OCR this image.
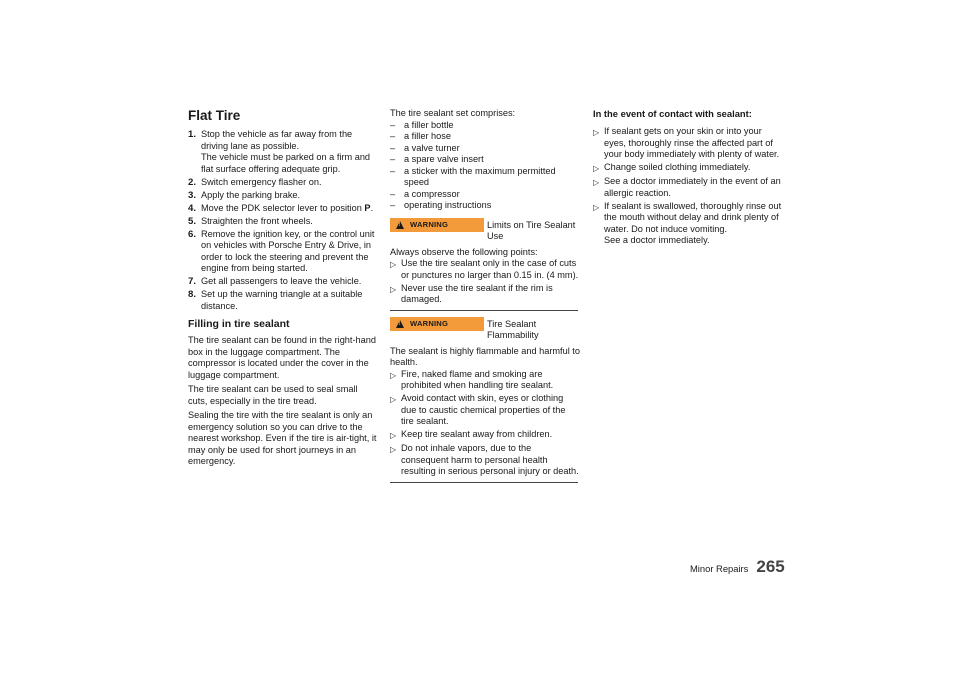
Flat Tire
1. Stop the vehicle as far away from the driving lane as possible.
The vehicle must be parked on a firm and flat surface offering adequate grip.
2. Switch emergency flasher on.
3. Apply the parking brake.
4. Move the PDK selector lever to position P.
5. Straighten the front wheels.
6. Remove the ignition key, or the control unit on vehicles with Porsche Entry & Drive, in order to lock the steering and prevent the engine from being started.
7. Get all passengers to leave the vehicle.
8. Set up the warning triangle at a suitable distance.
Filling in tire sealant

The tire sealant can be found in the right-hand box in the luggage compartment. The compressor is located under the cover in the luggage compartment.

The tire sealant can be used to seal small cuts, especially in the tire tread.

Sealing the tire with the tire sealant is only an emergency solution so you can drive to the nearest workshop. Even if the tire is air-tight, it may only be used for short journeys in an emergency.

The tire sealant set comprises:
– a filler bottle
– a filler hose
– a valve turner
– a spare valve insert
– a sticker with the maximum permitted speed
– a compressor
– operating instructions
!
WARNING	Limits on Tire Sealant Use
Always observe the following points:
▷ Use the tire sealant only in the case of cuts or punctures no larger than 0.15 in. (4 mm).
▷ Never use the tire sealant if the rim is damaged.
!
WARNING	Tire Sealant Flammability
The sealant is highly flammable and harmful to health.
▷ Fire, naked flame and smoking are prohibited when handling tire sealant.
▷ Avoid contact with skin, eyes or clothing due to caustic chemical properties of the tire sealant.
▷ Keep tire sealant away from children.
▷ Do not inhale vapors, due to the consequent harm to personal health resulting in serious personal injury or death.
In the event of contact with sealant:
▷ If sealant gets on your skin or into your eyes, thoroughly rinse the affected part of your body immediately with plenty of water.
▷ Change soiled clothing immediately.
▷ See a doctor immediately in the event of an allergic reaction.
▷ If sealant is swallowed, thoroughly rinse out the mouth without delay and drink plenty of water. Do not induce vomiting.
See a doctor immediately.
Minor Repairs 265
